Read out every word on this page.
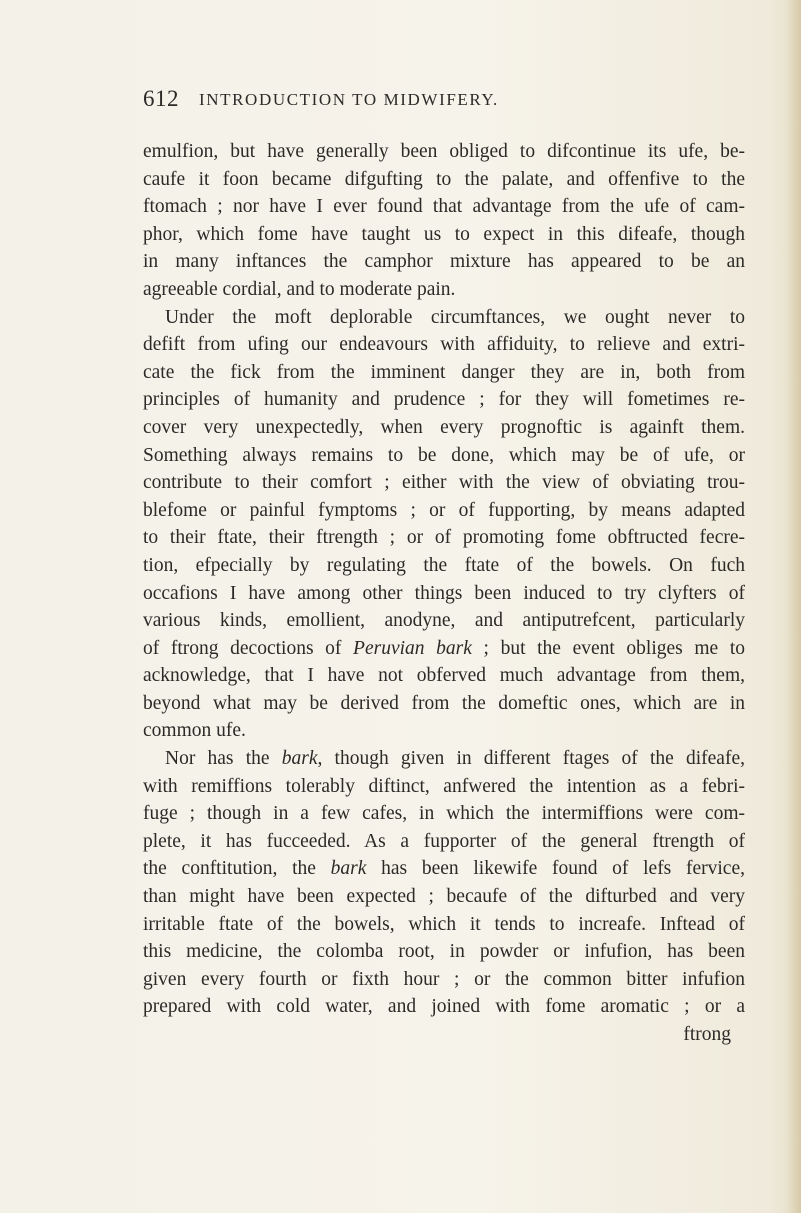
612 INTRODUCTION TO MIDWIFERY.
emulfion, but have generally been obliged to difcontinue its ufe, be-
caufe it foon became difgufting to the palate, and offenfive to the
ftomach ; nor have I ever found that advantage from the ufe of cam-
phor, which fome have taught us to expect in this difeafe, though
in many inftances the camphor mixture has appeared to be an
agreeable cordial, and to moderate pain.
Under the moft deplorable circumftances, we ought never to
defift from ufing our endeavours with affiduity, to relieve and extri-
cate the fick from the imminent danger they are in, both from
principles of humanity and prudence ; for they will fometimes re-
cover very unexpectedly, when every prognoftic is againft them.
Something always remains to be done, which may be of ufe, or
contribute to their comfort ; either with the view of obviating trou-
blefome or painful fymptoms ; or of fupporting, by means adapted
to their ftate, their ftrength ; or of promoting fome obftructed fecre-
tion, efpecially by regulating the ftate of the bowels. On fuch
occafions I have among other things been induced to try clyfters of
various kinds, emollient, anodyne, and antiputrefcent, particularly
of ftrong decoctions of Peruvian bark ; but the event obliges me to
acknowledge, that I have not obferved much advantage from them,
beyond what may be derived from the domeftic ones, which are in
common ufe.
Nor has the bark, though given in different ftages of the difeafe,
with remiffions tolerably diftinct, anfwered the intention as a febri-
fuge ; though in a few cafes, in which the intermiffions were com-
plete, it has fucceeded. As a fupporter of the general ftrength of
the conftitution, the bark has been likewife found of lefs fervice,
than might have been expected ; becaufe of the difturbed and very
irritable ftate of the bowels, which it tends to increafe. Inftead of
this medicine, the colomba root, in powder or infufion, has been
given every fourth or fixth hour ; or the common bitter infufion
prepared with cold water, and joined with fome aromatic ; or a
ftrong
